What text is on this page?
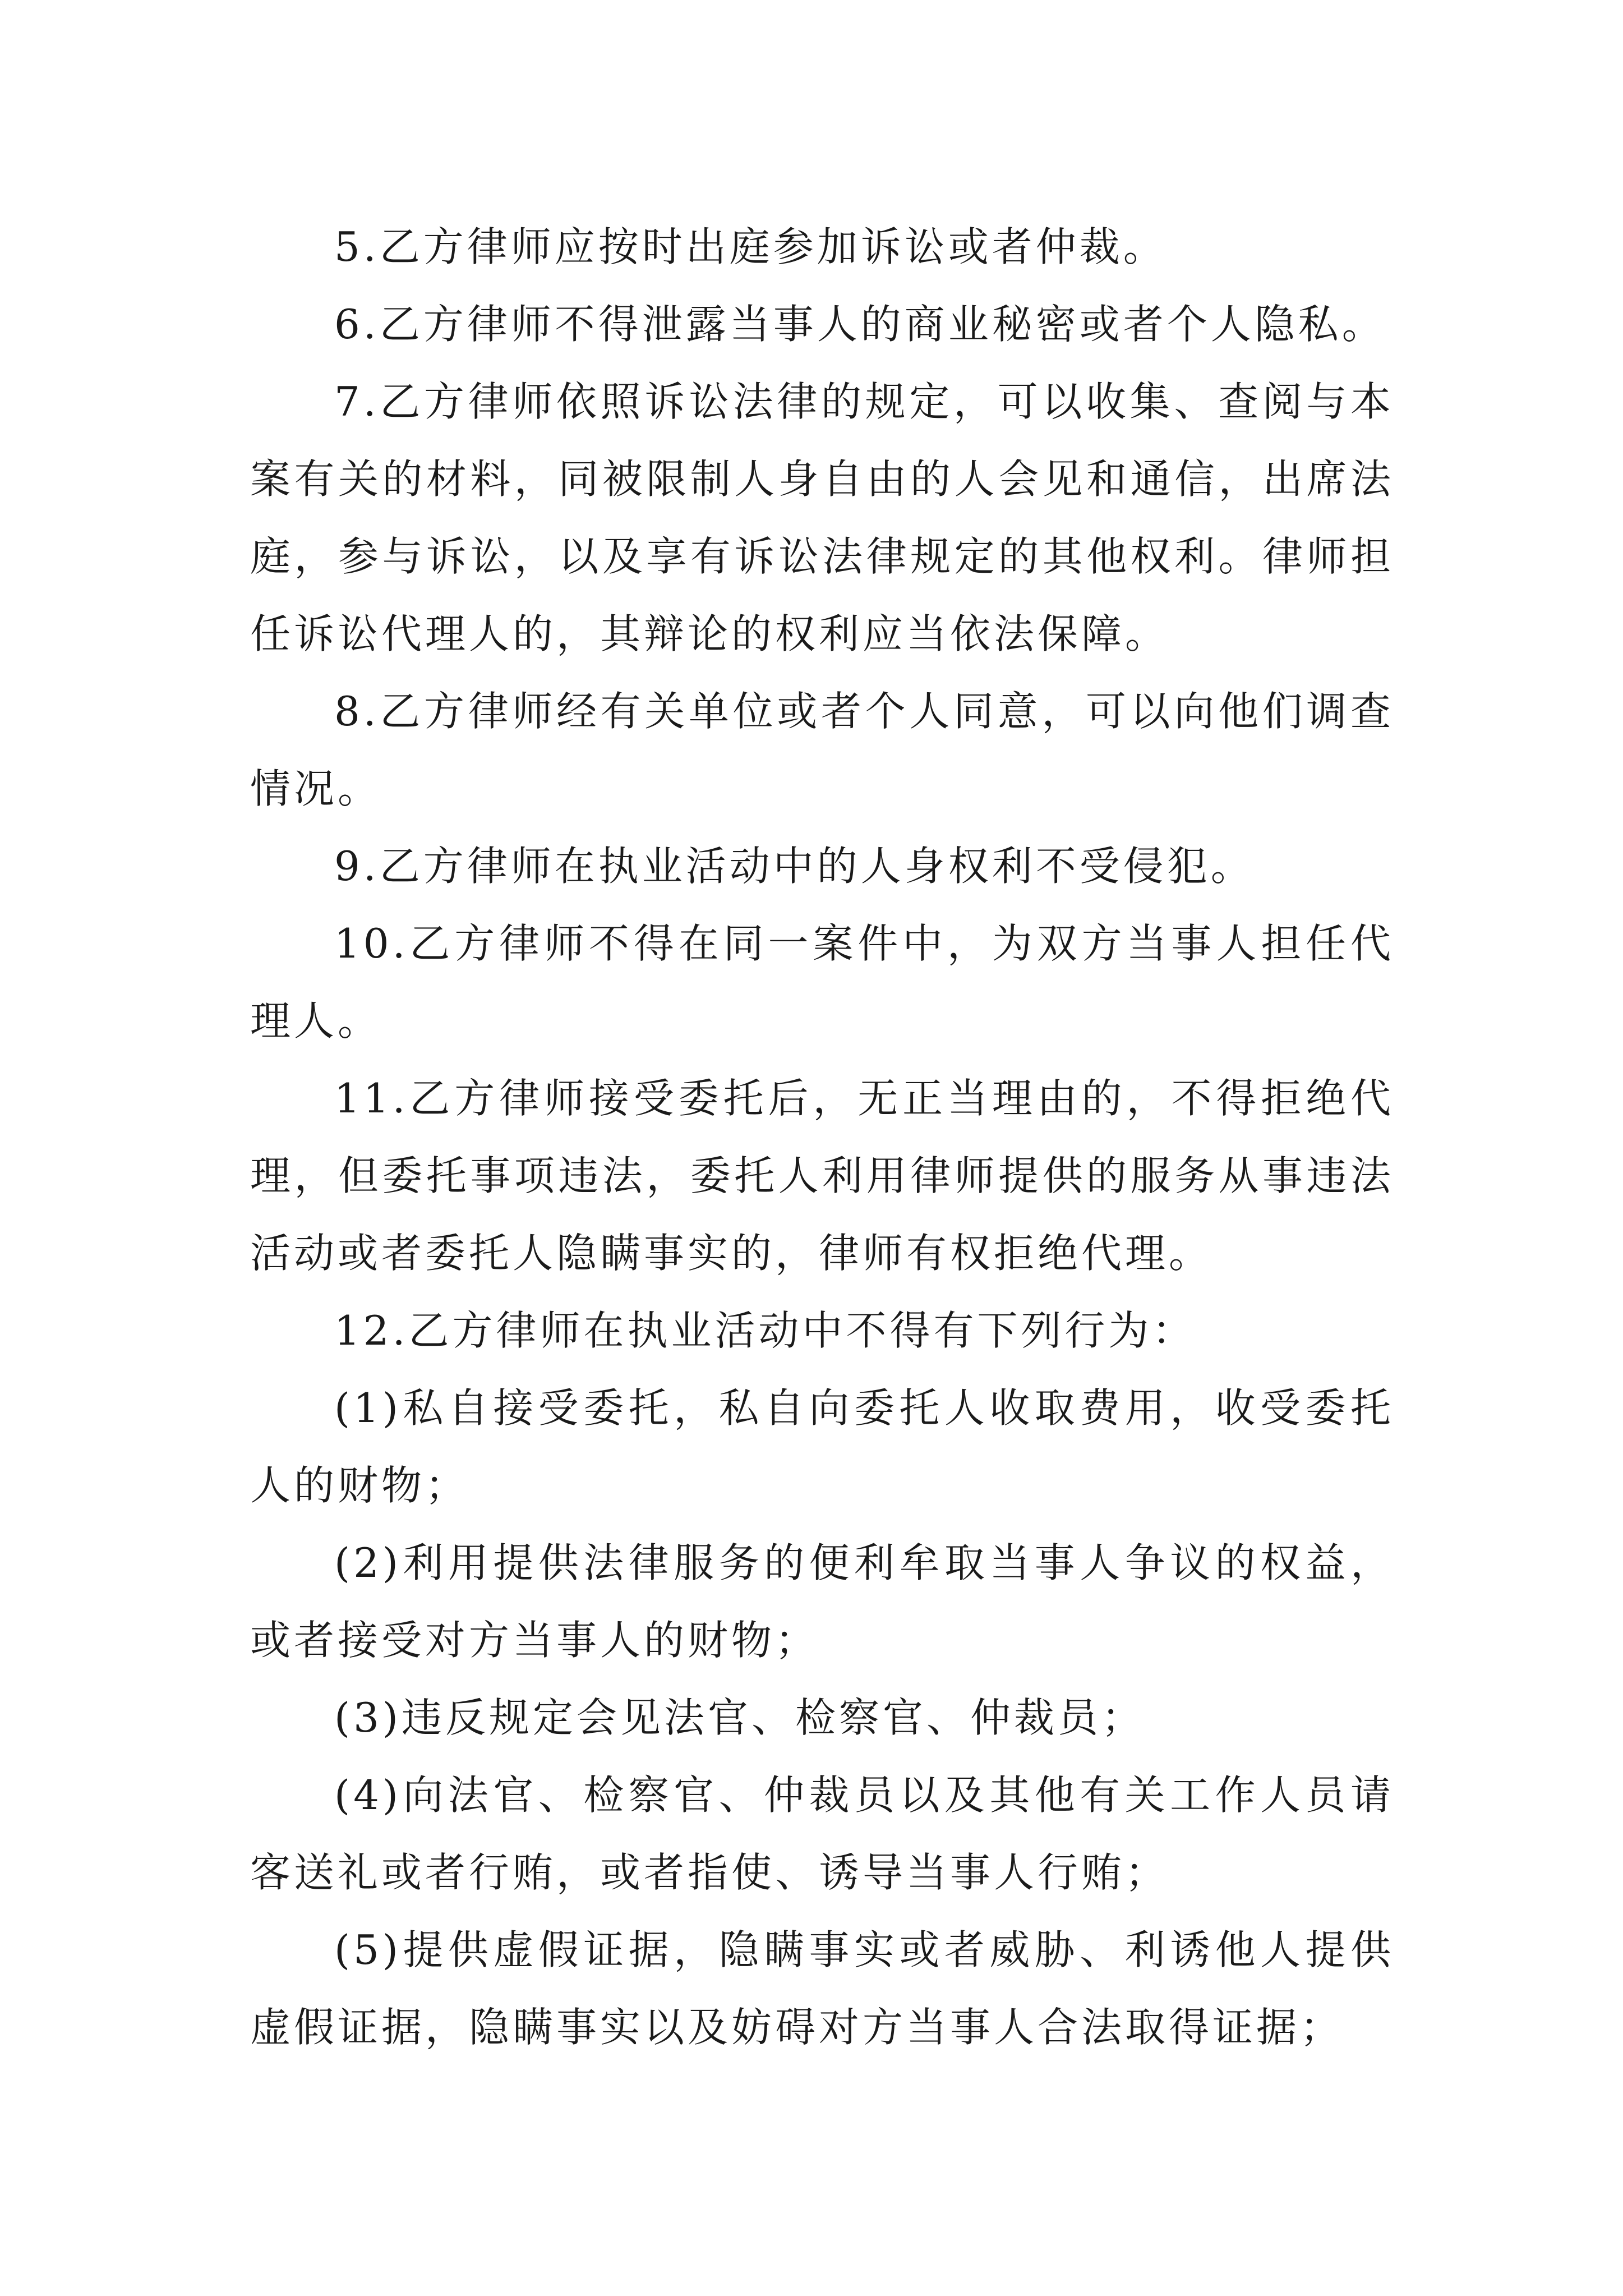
5.乙方律师应按时出庭参加诉讼或者仲裁。

6.乙方律师不得泄露当事人的商业秘密或者个人隐私。

7.乙方律师依照诉讼法律的规定，可以收集、查阅与本案有关的材料，同被限制人身自由的人会见和通信，出席法庭，参与诉讼，以及享有诉讼法律规定的其他权利。律师担任诉讼代理人的，其辩论的权利应当依法保障。

8.乙方律师经有关单位或者个人同意，可以向他们调查情况。

9.乙方律师在执业活动中的人身权利不受侵犯。

10.乙方律师不得在同一案件中，为双方当事人担任代理人。

11.乙方律师接受委托后，无正当理由的，不得拒绝代理，但委托事项违法，委托人利用律师提供的服务从事违法活动或者委托人隐瞒事实的，律师有权拒绝代理。

12.乙方律师在执业活动中不得有下列行为：

(1)私自接受委托，私自向委托人收取费用，收受委托人的财物；

(2)利用提供法律服务的便利牟取当事人争议的权益，或者接受对方当事人的财物；

(3)违反规定会见法官、检察官、仲裁员；

(4)向法官、检察官、仲裁员以及其他有关工作人员请客送礼或者行贿，或者指使、诱导当事人行贿；

(5)提供虚假证据，隐瞒事实或者威胁、利诱他人提供虚假证据，隐瞒事实以及妨碍对方当事人合法取得证据；
